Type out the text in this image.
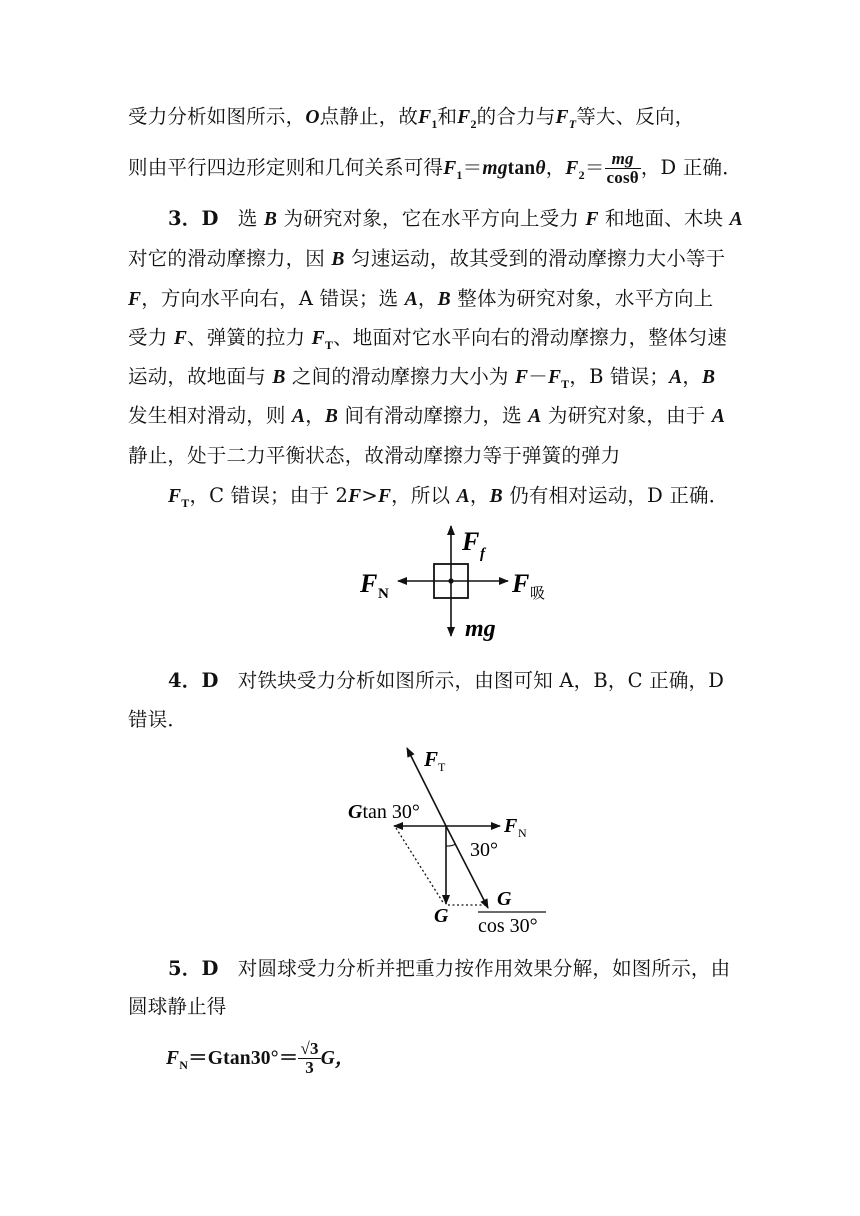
受力分析如图所示，O点静止，故$F_1$和$F_2$的合力与$F_T$等大、反向，
则由平行四边形定则和几何关系可得$F_1=mgtan\theta$，$F_2= \frac{mg}{\cos\theta}$ ，D 正确．
3．D 选 B 为研究对象，它在水平方向上受力 F 和地面、木块 A
对它的滑动摩擦力，因 B 匀速运动，故其受到的滑动摩擦力大小等于
F，方向水平向右，A 错误；选 A，B 整体为研究对象，水平方向上
受力 F、弹簧的拉力 $F_T$、地面对它水平向右的滑动摩擦力，整体匀速
运动，故地面与 B 之间的滑动摩擦力大小为 $F-F_T$，B 错误；A，B
发生相对滑动，则 A，B 间有滑动摩擦力，选 A 为研究对象，由于 A
静止，处于二力平衡状态，故滑动摩擦力等于弹簧的弹力
$F_T$，C 错误；由于 2F>F，所以 A，B 仍有相对运动，D 正确．
F f
F N	F 吸
mg
4．D 对铁块受力分析如图所示，由图可知 A，B，C 正确，D
错误．
F T
Gtan 30°
F N
30°
G
G
cos 30°
5．D 对圆球受力分析并把重力按作用效果分解，如图所示，由
圆球静止得
$F_N=Gtan30^\circ= \frac{√3}{3}$ G，
